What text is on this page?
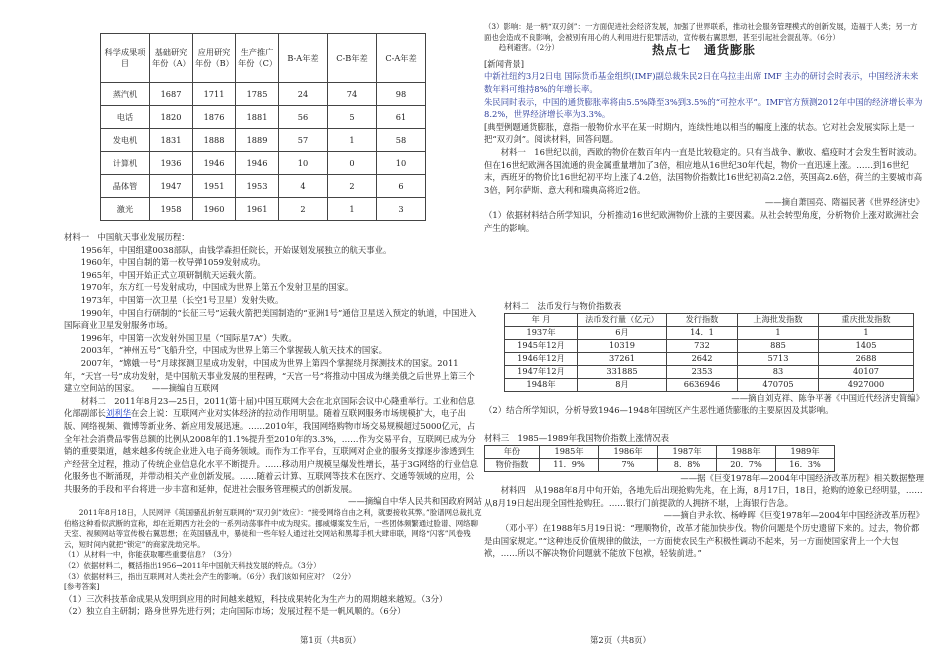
科学成果项目	基础研究年份（A）	应用研究年份（B）	生产推广年份（C）	B-A年差	C-B年差	C-A年差
蒸汽机	1687	1711	1785	24	74	98
电话	1820	1876	1881	56	5	61
发电机	1831	1888	1889	57	1	58
计算机	1936	1946	1946	10	0	10
晶体管	1947	1951	1953	4	2	6
激光	1958	1960	1961	2	1	3

材料一　中国航天事业发展历程：

1956年，中国组建0038部队，由钱学森担任院长，开始谋划发展独立的航天事业。

1960年，中国自制的第一枚导弹1059发射成功。

1965年，中国开始正式立项研制航天运载火箭。

1970年，东方红一号发射成功，中国成为世界上第五个发射卫星的国家。

1973年，中国第一次卫星（长空1号卫星）发射失败。

1990年，中国自行研制的“长征三号”运载火箭把美国制造的“亚洲1号”通信卫星送入预定的轨道，中国进入国际商业卫星发射服务市场。

1996年，中国第一次发射外国卫星（“国际星7A”）失败。

2003年，“神州五号”飞船升空，中国成为世界上第三个掌握载人航天技术的国家。

2007年，“嫦娥一号”月球探测卫星成功发射，中国成为世界上第四个掌握绕月探测技术的国家。2011年，“天宫一号”成功发射，是中国航天事业发展的里程碑，“天宫一号”将推动中国成为继美俄之后世界上第三个建立空间站的国家。　　——摘编自互联网

材料二　2011年8月23—25日，2011(第十届)中国互联网大会在北京国际会议中心隆重举行。工业和信息化部副部长刘利华在会上说：互联网产业对实体经济的拉动作用明显。随着互联网服务市场规模扩大，电子出版、网络视频、微博等新业务、新应用发展迅速。……2010年，我国网络购物市场交易规模超过5000亿元，占全年社会消费品零售总额的比例从2008年的1.1%提升至2010年的3.3%，……作为交易平台，互联网已成为分销的重要渠道，越来越多传统企业进入电子商务领域。而作为工作平台，互联网对企业的服务支撑逐步渗透到生产经营全过程，推动了传统企业信息化水平不断提升。……移动用户规模呈爆发性增长，基于3G网络的行业信息化服务也不断涌现，并带动相关产业创新发展。……随着云计算、互联网等技术在医疗、交通等领域的应用，公共服务的手段和平台将进一步丰富和延伸，促进社会服务管理模式的创新发展。

——摘编自中华人民共和国政府网站

2011年8月18日，人民网评《英国骚乱折射互联网的“双刃剑”效应》：“接受网络自由之利，就要接收其弊。”脸谱网总裁扎克伯格这种看似武断的宣称，却在近期西方社会的一系列动荡事件中成为现实。挪威爆案发生后，一些团体频繁通过脸谱、网络聊天室、视频网站等宣传极右翼思想；在英国骚乱中，暴徒和一些年轻人通过社交网站和黑莓手机大肆串联，网络“闪客”风卷残云，短时间内就把“锁定”的商家洗劫完毕。

（1）从材料一中，你能获取哪些重要信息？（3分）

（2）依据材料二，概括指出1956→2011年中国航天科技发展的特点。（3分）

（3）依据材料三，指出互联网对人类社会产生的影响。（6分）我们该如何应对？（2分）

[参考答案]

（1）三次科技革命成果从发明到应用的时间越来越短，科技成果转化为生产力的周期越来越短。（3分）

（2）独立自主研制；路身世界先进行列；走向国际市场；发展过程不是一帆风顺的。（6分）

第1页（共8页）

（3）影响：是一柄“双刃剑”：一方面促进社会经济发展，加强了世界联系，推动社会服务管理模式的创新发展，造福于人类；另一方面也会造成不良影响，会被别有用心的人利用进行犯罪活动，宣传极右翼思想，甚至引起社会混乱等。（6分）

趋利避害。（2分）	热点七　通货膨胀

[新闻背景]

中新社纽约3月2日电 国际货币基金组织(IMF)副总裁朱民2日在乌拉圭出席 IMF 主办的研讨会时表示，中国经济未来数年料可维持8%的年增长率。

朱民同时表示，中国的通货膨胀率将由5.5%降至3%到3.5%的“可控水平”。IMF官方预测2012年中国的经济增长率为8.2%，世界经济增长率为3.3%。

[典型例题通货膨胀，意指一般物价水平在某一时期内，连续性地以相当的幅度上涨的状态。它对社会发展实际上是一把“双刃剑”。阅读材料，回答问题。

材料一　16世纪以前，西欧的物价在数百年内一直是比较稳定的。只有当战争、歉收、瘟疫时才会发生暂时波动。但在16世纪欧洲各国流通的贵金属重量增加了3倍，相应地从16世纪30年代起，物价一直迅速上涨。……到16世纪末，西班牙的物价比16世纪初平均上涨了4.2倍，法国物价指数比16世纪初高2.2倍，英国高2.6倍，荷兰的主要城市高3倍，阿尔萨斯、意大利和瑞典高将近2倍。

——摘自萧国亮、隋福民著《世界经济史》

（1）依据材料结合所学知识，分析推动16世纪欧洲物价上涨的主要因素。从社会转型角度，分析物价上涨对欧洲社会产生的影响。

材料二　法币发行与物价指数表

年 月	法币发行量（亿元）	发行指数	上海批发指数	重庆批发指数
1937年	6月	14．1	1	1
1945年12月	10319	732	885	1405
1946年12月	37261	2642	5713	2688
1947年12月	331885	2353	83	40107
1948年	8月	6636946	470705	4927000

——摘自刘克祥、陈争平著《中国近代经济史简编》

（2）结合所学知识，分析导致1946—1948年国统区产生恶性通货膨胀的主要原因及其影响。

材料三　1985—1989年我国物价指数上涨情况表

年份	1985年	1986年	1987年	1988年	1989年
物价指数	11．9%	7%	8．8%	20．7%	16．3%

——据《巨变1978年—2004年中国经济改革历程》相关数据整理

材料四　从1988年8月中旬开始，各地先后出现抢购先兆，在上海，8月17日，18日，抢购的迹象已经明显，……从8月19日起出现全国性抢购狂。……银行门前提款的人拥挤不堪，上海银行告急。

——摘自尹永钦、杨峥晖《巨变1978年—2004年中国经济改革历程》

（邓小平）在1988年5月19日说：“理顺物价，改革才能加快步伐。物价问题是个历史遗留下来的。过去，物价都是由国家规定。”“这种违反价值规律的做法，一方面使农民生产积极性调动不起来，另一方面使国家背上一个大包袱，……所以不解决物价问题就不能放下包袱，轻装前进。”

第2页（共8页）
